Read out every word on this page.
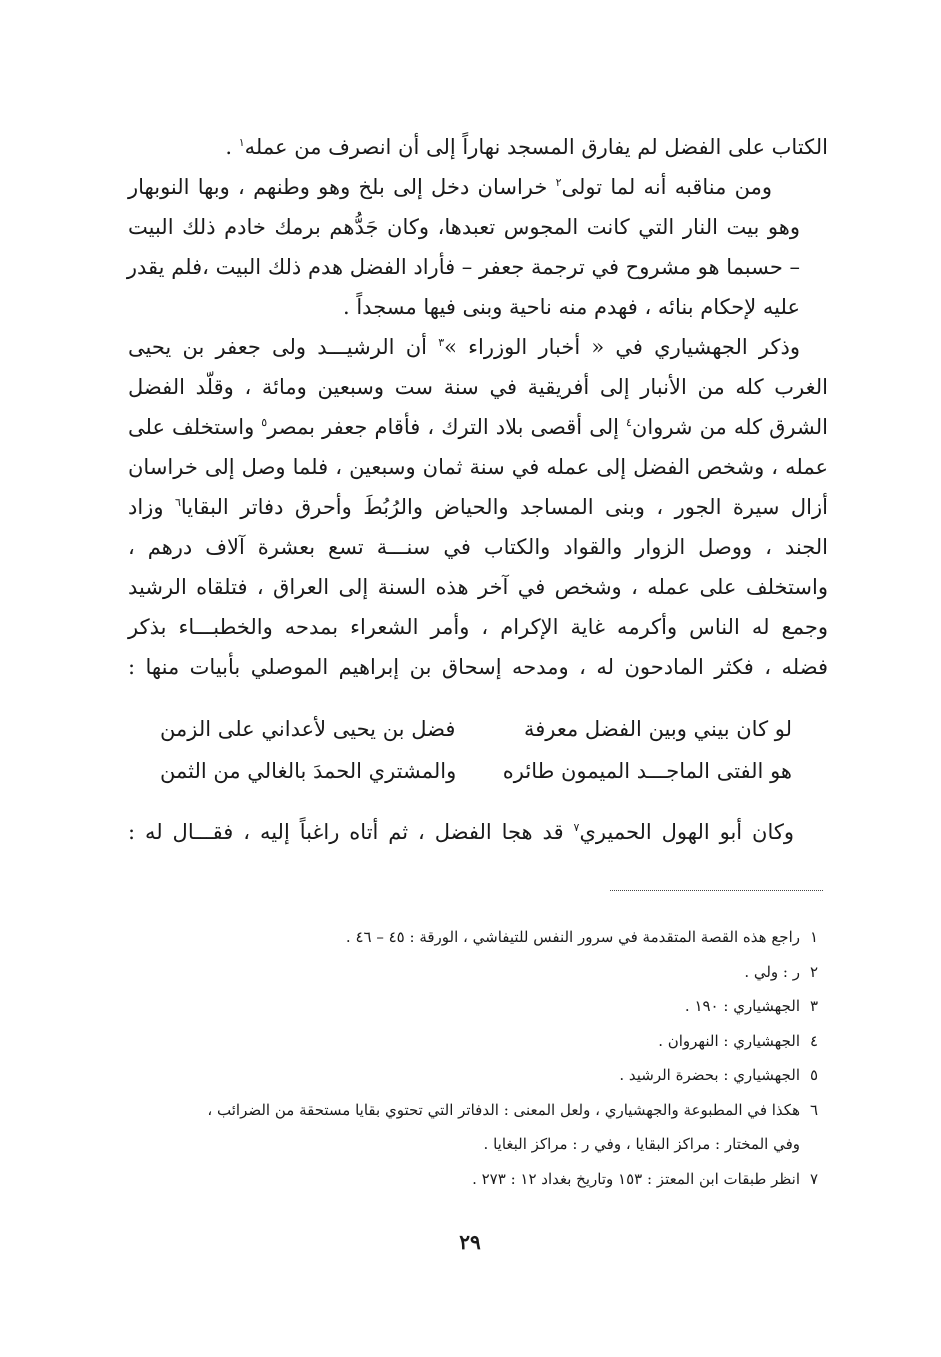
الكتاب على الفضل لم يفارق المسجد نهاراً إلى أن انصرف من عمله$^١$ .

ومن مناقبه أنه لما تولى$^٢$ خراسان دخل إلى بلخ وهو وطنهم ، وبها النوبهار
وهو بيت النار التي كانت المجوس تعبدها، وكان جَدُّهم برمك خادم ذلك البيت
– حسبما هو مشروح في ترجمة جعفر – فأراد الفضل هدم ذلك البيت ،فلم يقدر
عليه لإحكام بنائه ، فهدم منه ناحية وبنى فيها مسجداً .

وذكر الجهشياري في « أخبار الوزراء »$^٣$ أن الرشيـــد ولى جعفر بن يحيى
الغرب كله من الأنبار إلى أفريقية في سنة ست وسبعين ومائة ، وقلّد الفضل
الشرق كله من شروان$^٤$ إلى أقصى بلاد الترك ، فأقام جعفر بمصر$^٥$ واستخلف على
عمله ، وشخص الفضل إلى عمله في سنة ثمان وسبعين ، فلما وصل إلى خراسان
أزال سيرة الجور ، وبنى المساجد والحياض والرُبُطَ وأحرق دفاتر البقايا$^٦$ وزاد
الجند ، ووصل الزوار والقواد والكتاب في سنـــة تسع بعشرة آلاف درهم ،
واستخلف على عمله ، وشخص في آخر هذه السنة إلى العراق ، فتلقاه الرشيد
وجمع له الناس وأكرمه غاية الإكرام ، وأمر الشعراء بمدحه والخطبـــاء بذكر
فضله ، فكثر المادحون له ، ومدحه إسحاق بن إبراهيم الموصلي بأبيات منها :

لو كان بيني وبين الفضل معرفة
فضل بن يحيى لأعداني على الزمن
هو الفتى الماجـــد الميمون طائره
والمشتري الحمدَ بالغالي من الثمن
وكان أبو الهول الحميري$^٧$ قد هجا الفضل ، ثم أتاه راغباً إليه ، فقـــال له :
١راجع هذه القصة المتقدمة في سرور النفس للتيفاشي ، الورقة : ٤٥ – ٤٦ .
٢ر : ولي .
٣الجهشياري : ١٩٠ .
٤الجهشياري : النهروان .
٥الجهشياري : بحضرة الرشيد .
٦هكذا في المطبوعة والجهشياري ، ولعل المعنى : الدفاتر التي تحتوي بقايا مستحقة من الضرائب ،
وفي المختار : مراكز البقايا ، وفي ر : مراكز البغايا .
٧انظر طبقات ابن المعتز : ١٥٣ وتاريخ بغداد ١٢ : ٢٧٣ .
٢٩
